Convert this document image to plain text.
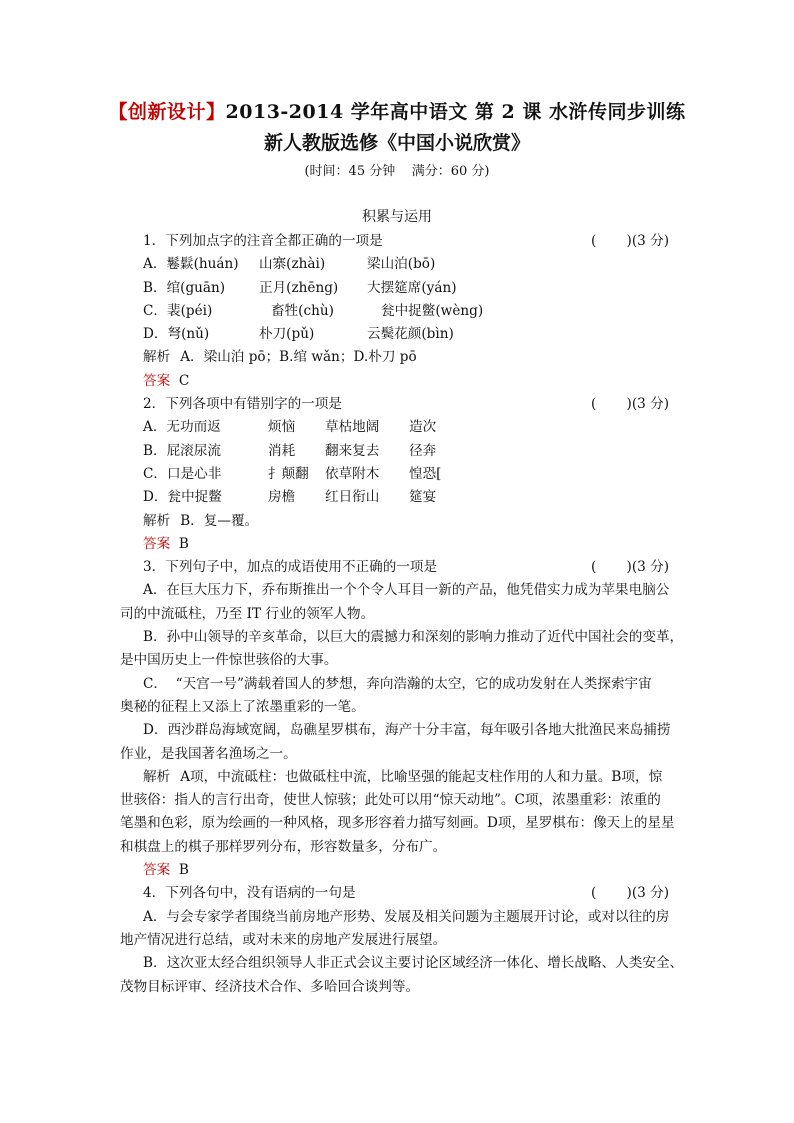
【创新设计】2013-2014 学年高中语文 第 2 课 水浒传同步训练
新人教版选修《中国小说欣赏》
(时间：45 分钟    满分：60 分)
积累与运用
1．下列加点字的注音全都正确的一项是	(       )(3 分)
A．鬈鬏(huán) 山寨(zhài)	梁山泊(bō)
B．绾(guān) 正月(zhēng) 大摆筵席(yán)
C．裴(péi)	畜牲(chù)	瓮中捉鳖(wèng)
D．弩(nǔ)	朴刀(pǔ)	云鬓花颜(bìn)
解析 A．梁山泊 pō；B.绾 wǎn；D.朴刀 pō
答案 C
2．下列各项中有错别字的一项是	(       )(3 分)
A．无功而返	烦恼 草枯地阔 造次
B．屁滚尿流	消耗 翻来复去 径奔
C．口是心非	扌颠翻 依草附木 惶恐[
D．瓮中捉鳖	房檐 红日衔山 筵宴
解析 B．复—覆。
答案 B
3．下列句子中，加点的成语使用不正确的一项是	(       )(3 分)
A．在巨大压力下，乔布斯推出一个个令人耳目一新的产品，他凭借实力成为苹果电脑公
司的中流砥柱，乃至 IT 行业的领军人物。
B．孙中山领导的辛亥革命，以巨大的震撼力和深刻的影响力推动了近代中国社会的变革，
是中国历史上一件惊世骇俗的大事。
C．  “天宫一号”满载着国人的梦想，奔向浩瀚的太空，它的成功发射在人类探索宇宙
奥秘的征程上又添上了浓墨重彩的一笔。
D．西沙群岛海域宽阔，岛礁星罗棋布，海产十分丰富，每年吸引各地大批渔民来岛捕捞
作业，是我国著名渔场之一。
解析 A项，中流砥柱：也做砥柱中流，比喻坚强的能起支柱作用的人和力量。B项，惊
世骇俗：指人的言行出奇，使世人惊骇；此处可以用“惊天动地”。C项，浓墨重彩：浓重的
笔墨和色彩，原为绘画的一种风格，现多形容着力描写刻画。D项，星罗棋布：像天上的星星
和棋盘上的棋子那样罗列分布，形容数量多，分布广。
答案 B
4．下列各句中，没有语病的一句是	(       )(3 分)
A．与会专家学者围绕当前房地产形势、发展及相关问题为主题展开讨论，或对以往的房
地产情况进行总结，或对未来的房地产发展进行展望。
B．这次亚太经合组织领导人非正式会议主要讨论区域经济一体化、增长战略、人类安全、
茂物目标评审、经济技术合作、多哈回合谈判等。
